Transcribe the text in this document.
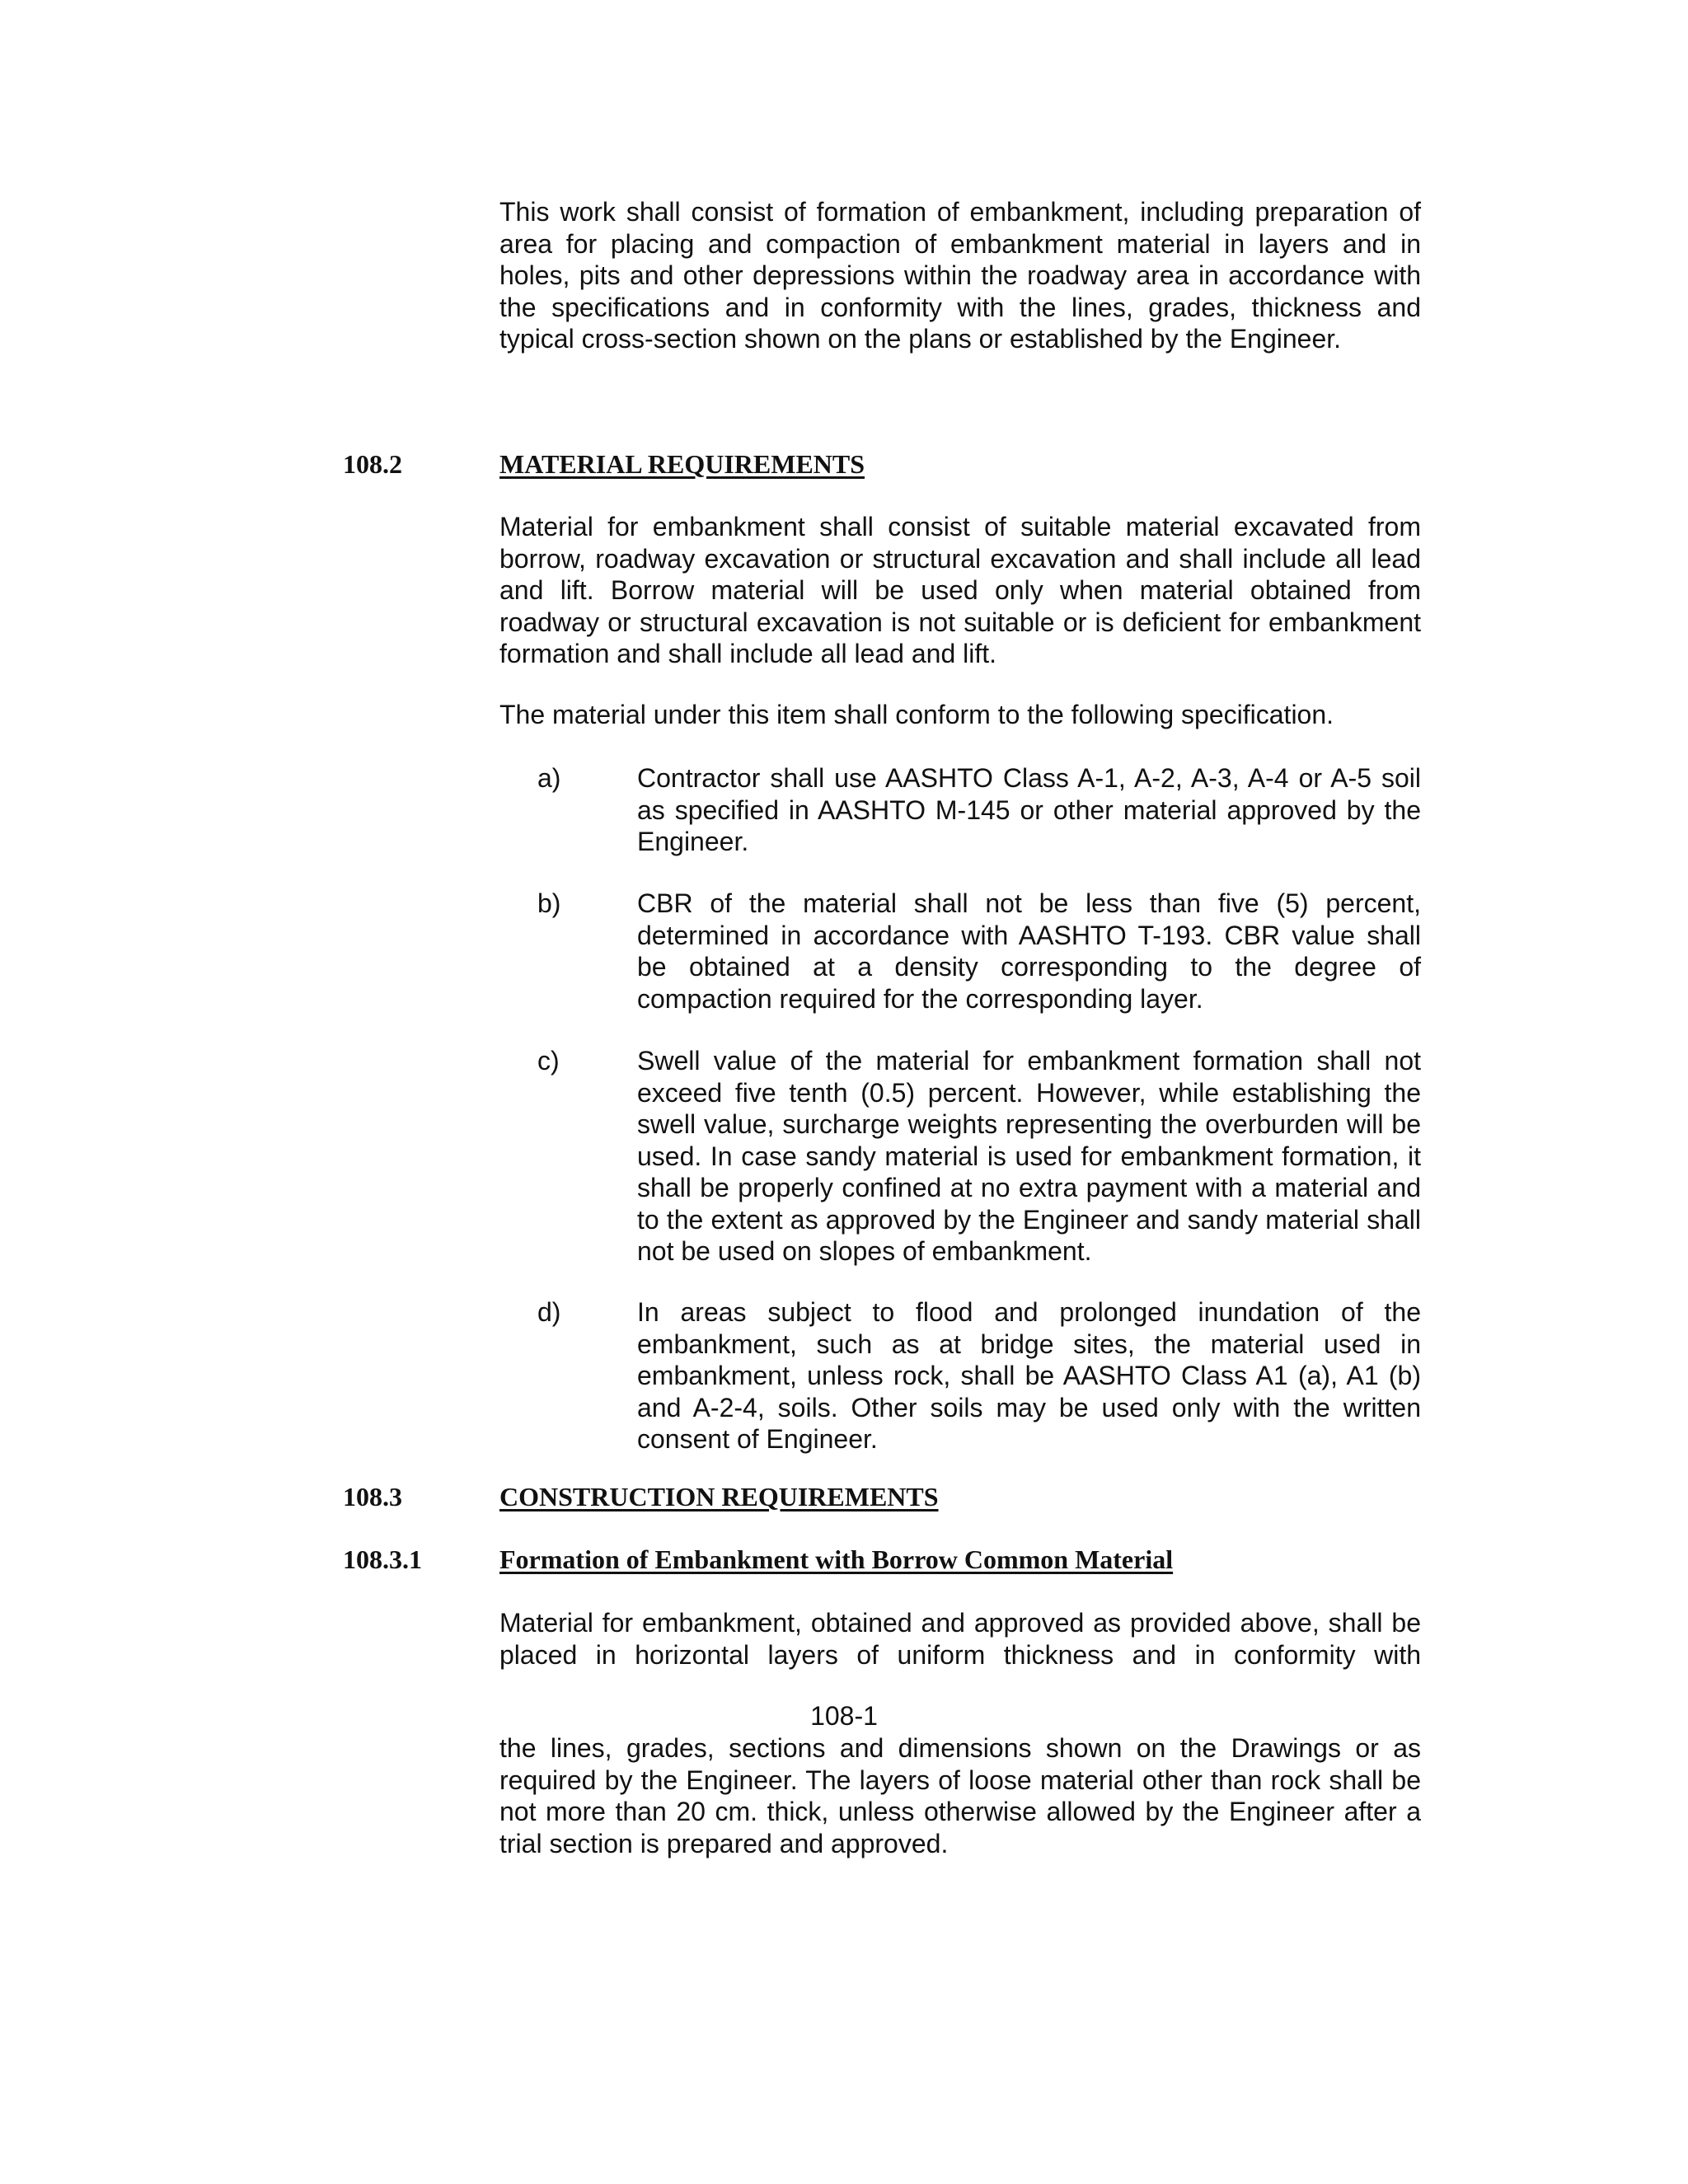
This work shall consist of formation of embankment, including preparation of area for placing and compaction of embankment material in layers and in holes, pits and other depressions within the roadway area in accordance with the specifications and in conformity with the lines, grades, thickness and typical cross-section shown on the plans or established by the Engineer.

108.2	MATERIAL REQUIREMENTS

Material for embankment shall consist of suitable material excavated from borrow, roadway excavation or structural excavation and shall include all lead and lift. Borrow material will be used only when material obtained from roadway or structural excavation is not suitable or is deficient for embankment formation and shall include all lead and lift.

The material under this item shall conform to the following specification.

a)	Contractor shall use AASHTO Class A-1, A-2, A-3, A-4 or A-5 soil as specified in AASHTO M-145 or other material approved by the Engineer.

b)	CBR of the material shall not be less than five (5) percent, determined in accordance with AASHTO T-193. CBR value shall be obtained at a density corresponding to the degree of compaction required for the corresponding layer.

c)	Swell value of the material for embankment formation shall not exceed five tenth (0.5) percent. However, while establishing the swell value, surcharge weights representing the overburden will be used. In case sandy material is used for embankment formation, it shall be properly confined at no extra payment with a material and to the extent as approved by the Engineer and sandy material shall not be used on slopes of embankment.

d)	In areas subject to flood and prolonged inundation of the embankment, such as at bridge sites, the material used in embankment, unless rock, shall be AASHTO Class A1 (a), A1 (b) and A-2-4, soils. Other soils may be used only with the written consent of Engineer.

108.3	CONSTRUCTION REQUIREMENTS
108.3.1	Formation of Embankment with Borrow Common Material

Material for embankment, obtained and approved as provided above, shall be placed in horizontal layers of uniform thickness and in conformity with

108-1

the lines, grades, sections and dimensions shown on the Drawings or as required by the Engineer. The layers of loose material other than rock shall be not more than 20 cm. thick, unless otherwise allowed by the Engineer after a trial section is prepared and approved.
